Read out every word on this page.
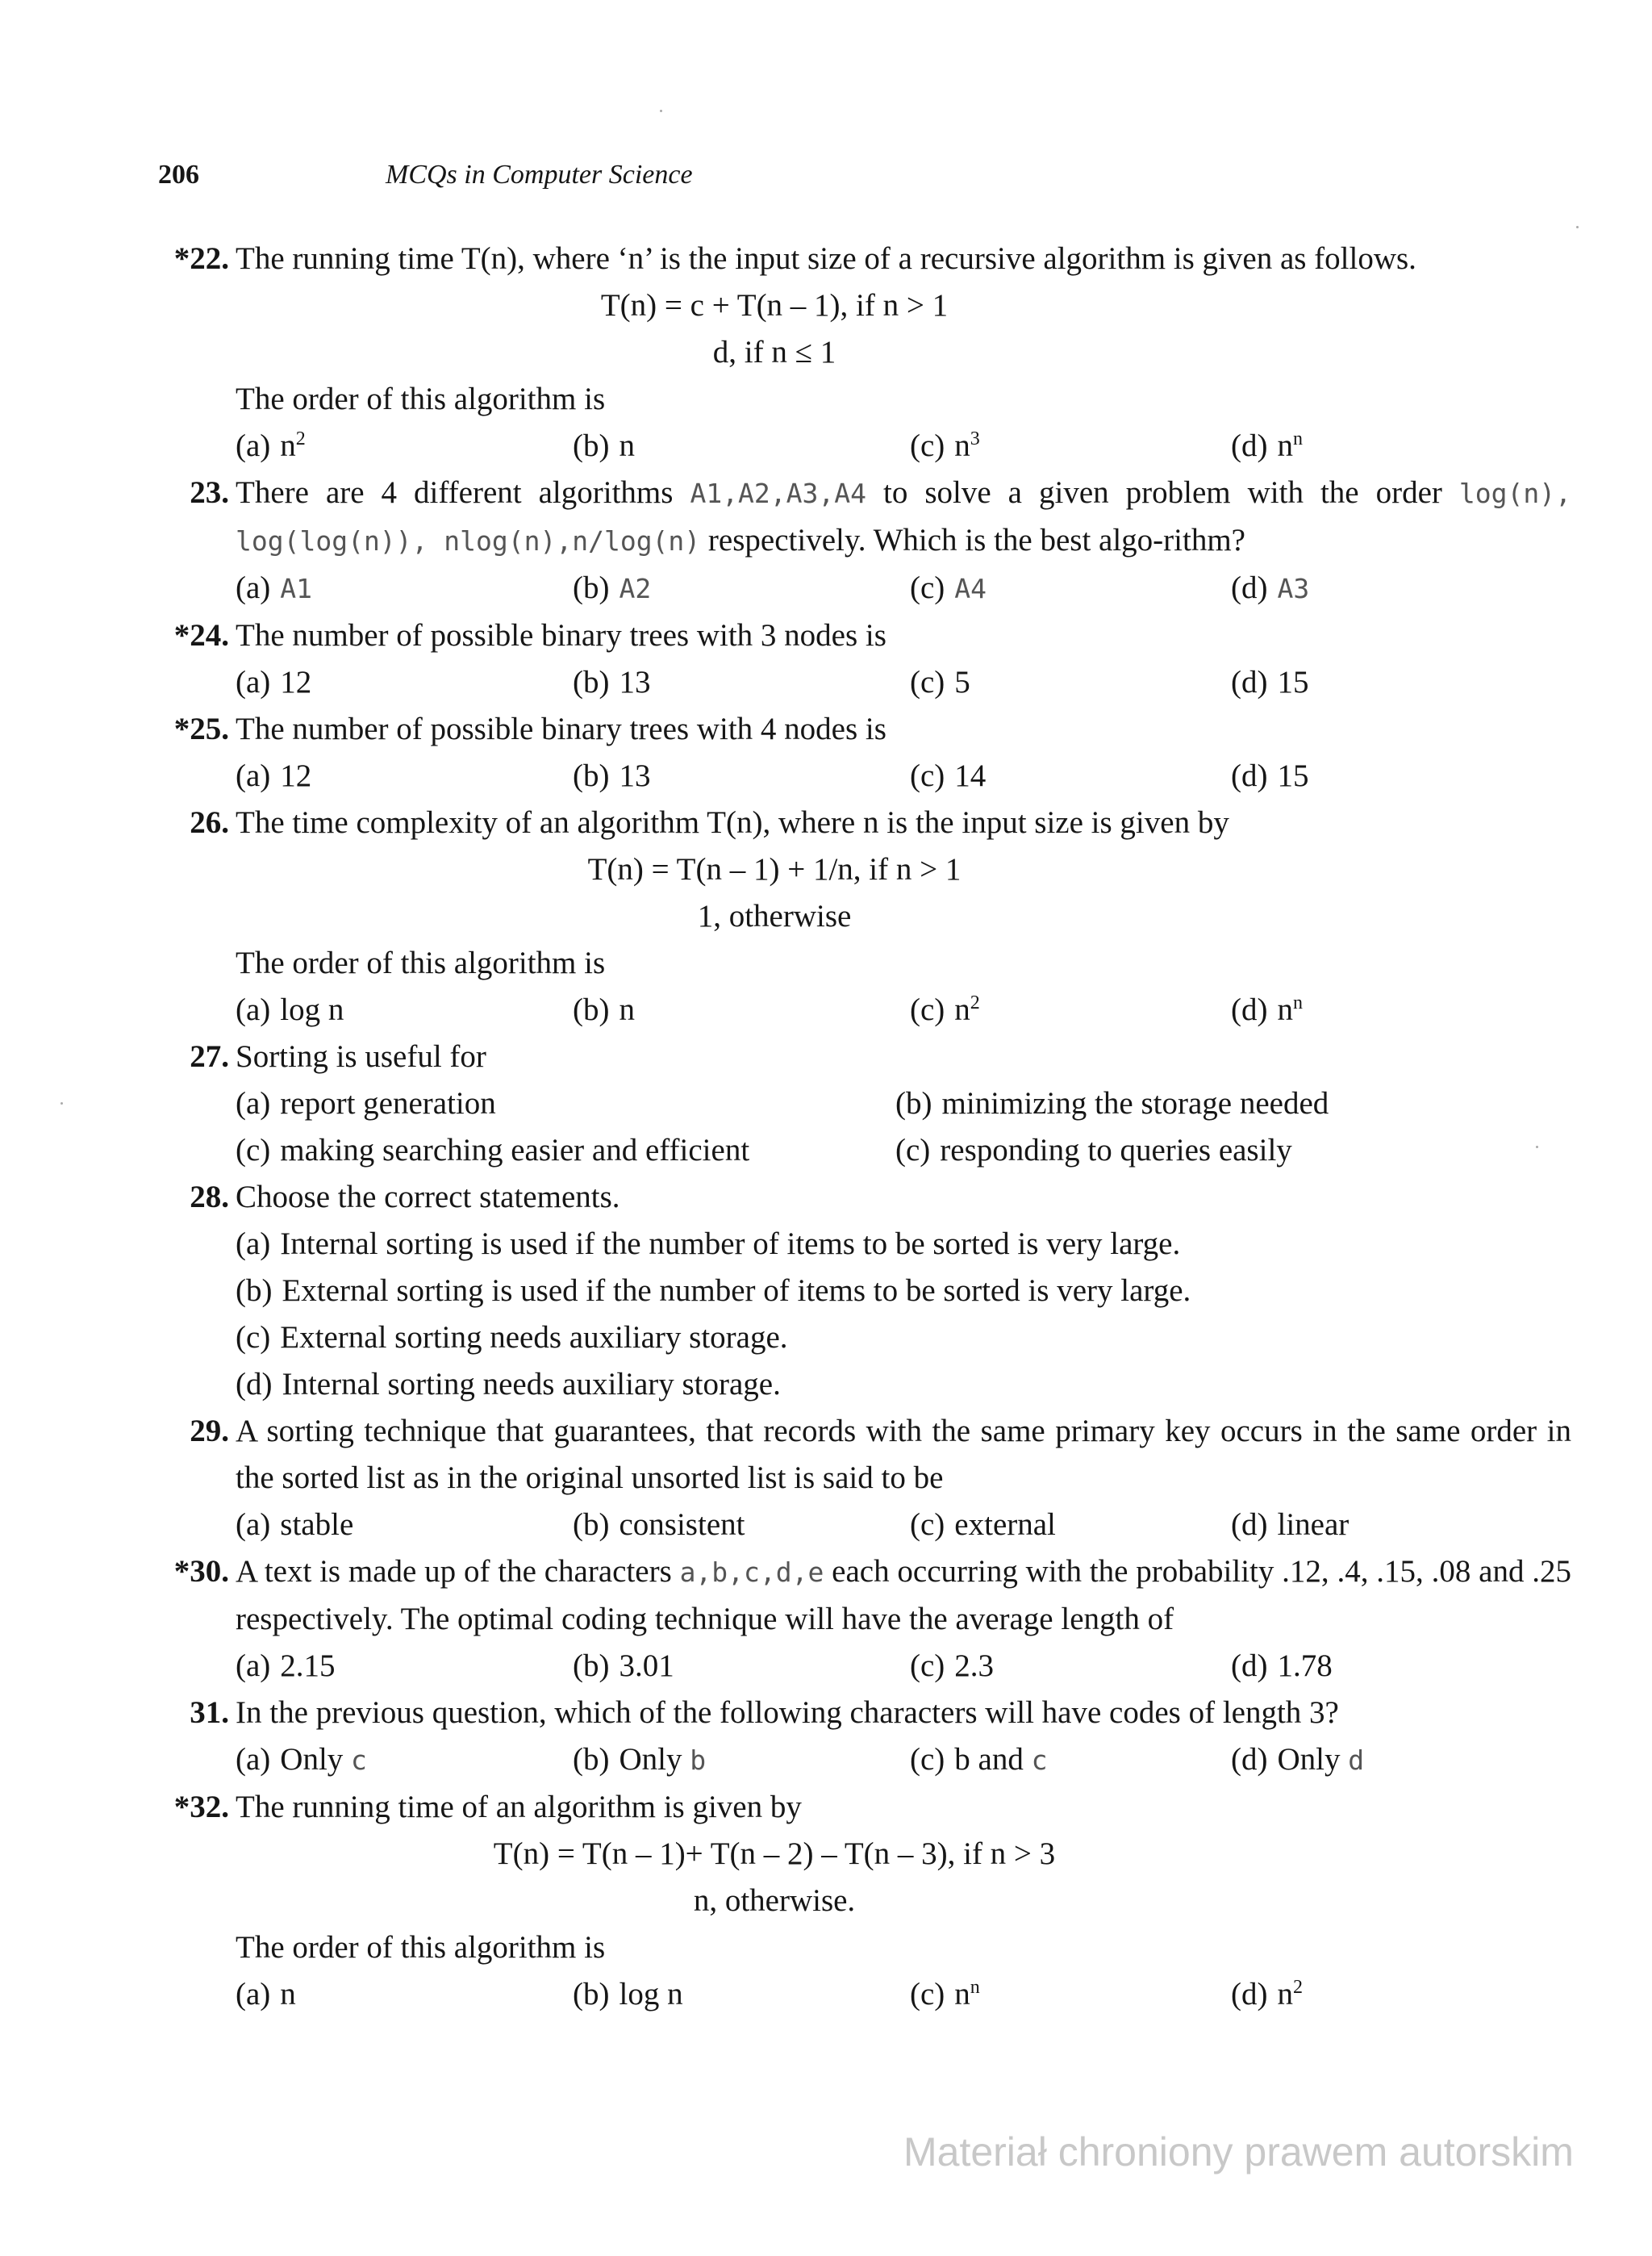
206	MCQs in Computer Science
*22. The running time T(n), where ‘n’ is the input size of a recursive algorithm is given as follows.
T(n) = c + T(n – 1), if n > 1
d, if n ≤ 1
The order of this algorithm is
(a) $n^2$	(b) n	(c) $n^3$	(d) $n^n$
23. There are 4 different algorithms A1,A2,A3,A4 to solve a given problem with the order log(n), log(log(n)), nlog(n),n/log(n) respectively. Which is the best algo-rithm?
(a) A1	(b) A2	(c) A4	(d) A3
*24. The number of possible binary trees with 3 nodes is
(a) 12	(b) 13	(c) 5	(d) 15
*25. The number of possible binary trees with 4 nodes is
(a) 12	(b) 13	(c) 14	(d) 15
26. The time complexity of an algorithm T(n), where n is the input size is given by
T(n) = T(n – 1) + 1/n, if n > 1
1, otherwise
The order of this algorithm is
(a) log n	(b) n	(c) $n^2$	(d) $n^n$
27. Sorting is useful for
(a) report generation	(b) minimizing the storage needed
(c) making searching easier and efficient	(c) responding to queries easily
28. Choose the correct statements.
(a) Internal sorting is used if the number of items to be sorted is very large.
(b) External sorting is used if the number of items to be sorted is very large.
(c) External sorting needs auxiliary storage.
(d) Internal sorting needs auxiliary storage.
29. A sorting technique that guarantees, that records with the same primary key occurs in the same order in the sorted list as in the original unsorted list is said to be
(a) stable	(b) consistent	(c) external	(d) linear
*30. A text is made up of the characters a,b,c,d,e each occurring with the probability .12, .4, .15, .08 and .25 respectively. The optimal coding technique will have the average length of
(a) 2.15	(b) 3.01	(c) 2.3	(d) 1.78
31. In the previous question, which of the following characters will have codes of length 3?
(a) Only c	(b) Only b	(c) b and c	(d) Only d
*32. The running time of an algorithm is given by
T(n) = T(n – 1)+ T(n – 2) – T(n – 3), if n > 3
n, otherwise.
The order of this algorithm is
(a) n	(b) log n	(c) $n^n$	(d) $n^2$
Materiał chroniony prawem autorskim
